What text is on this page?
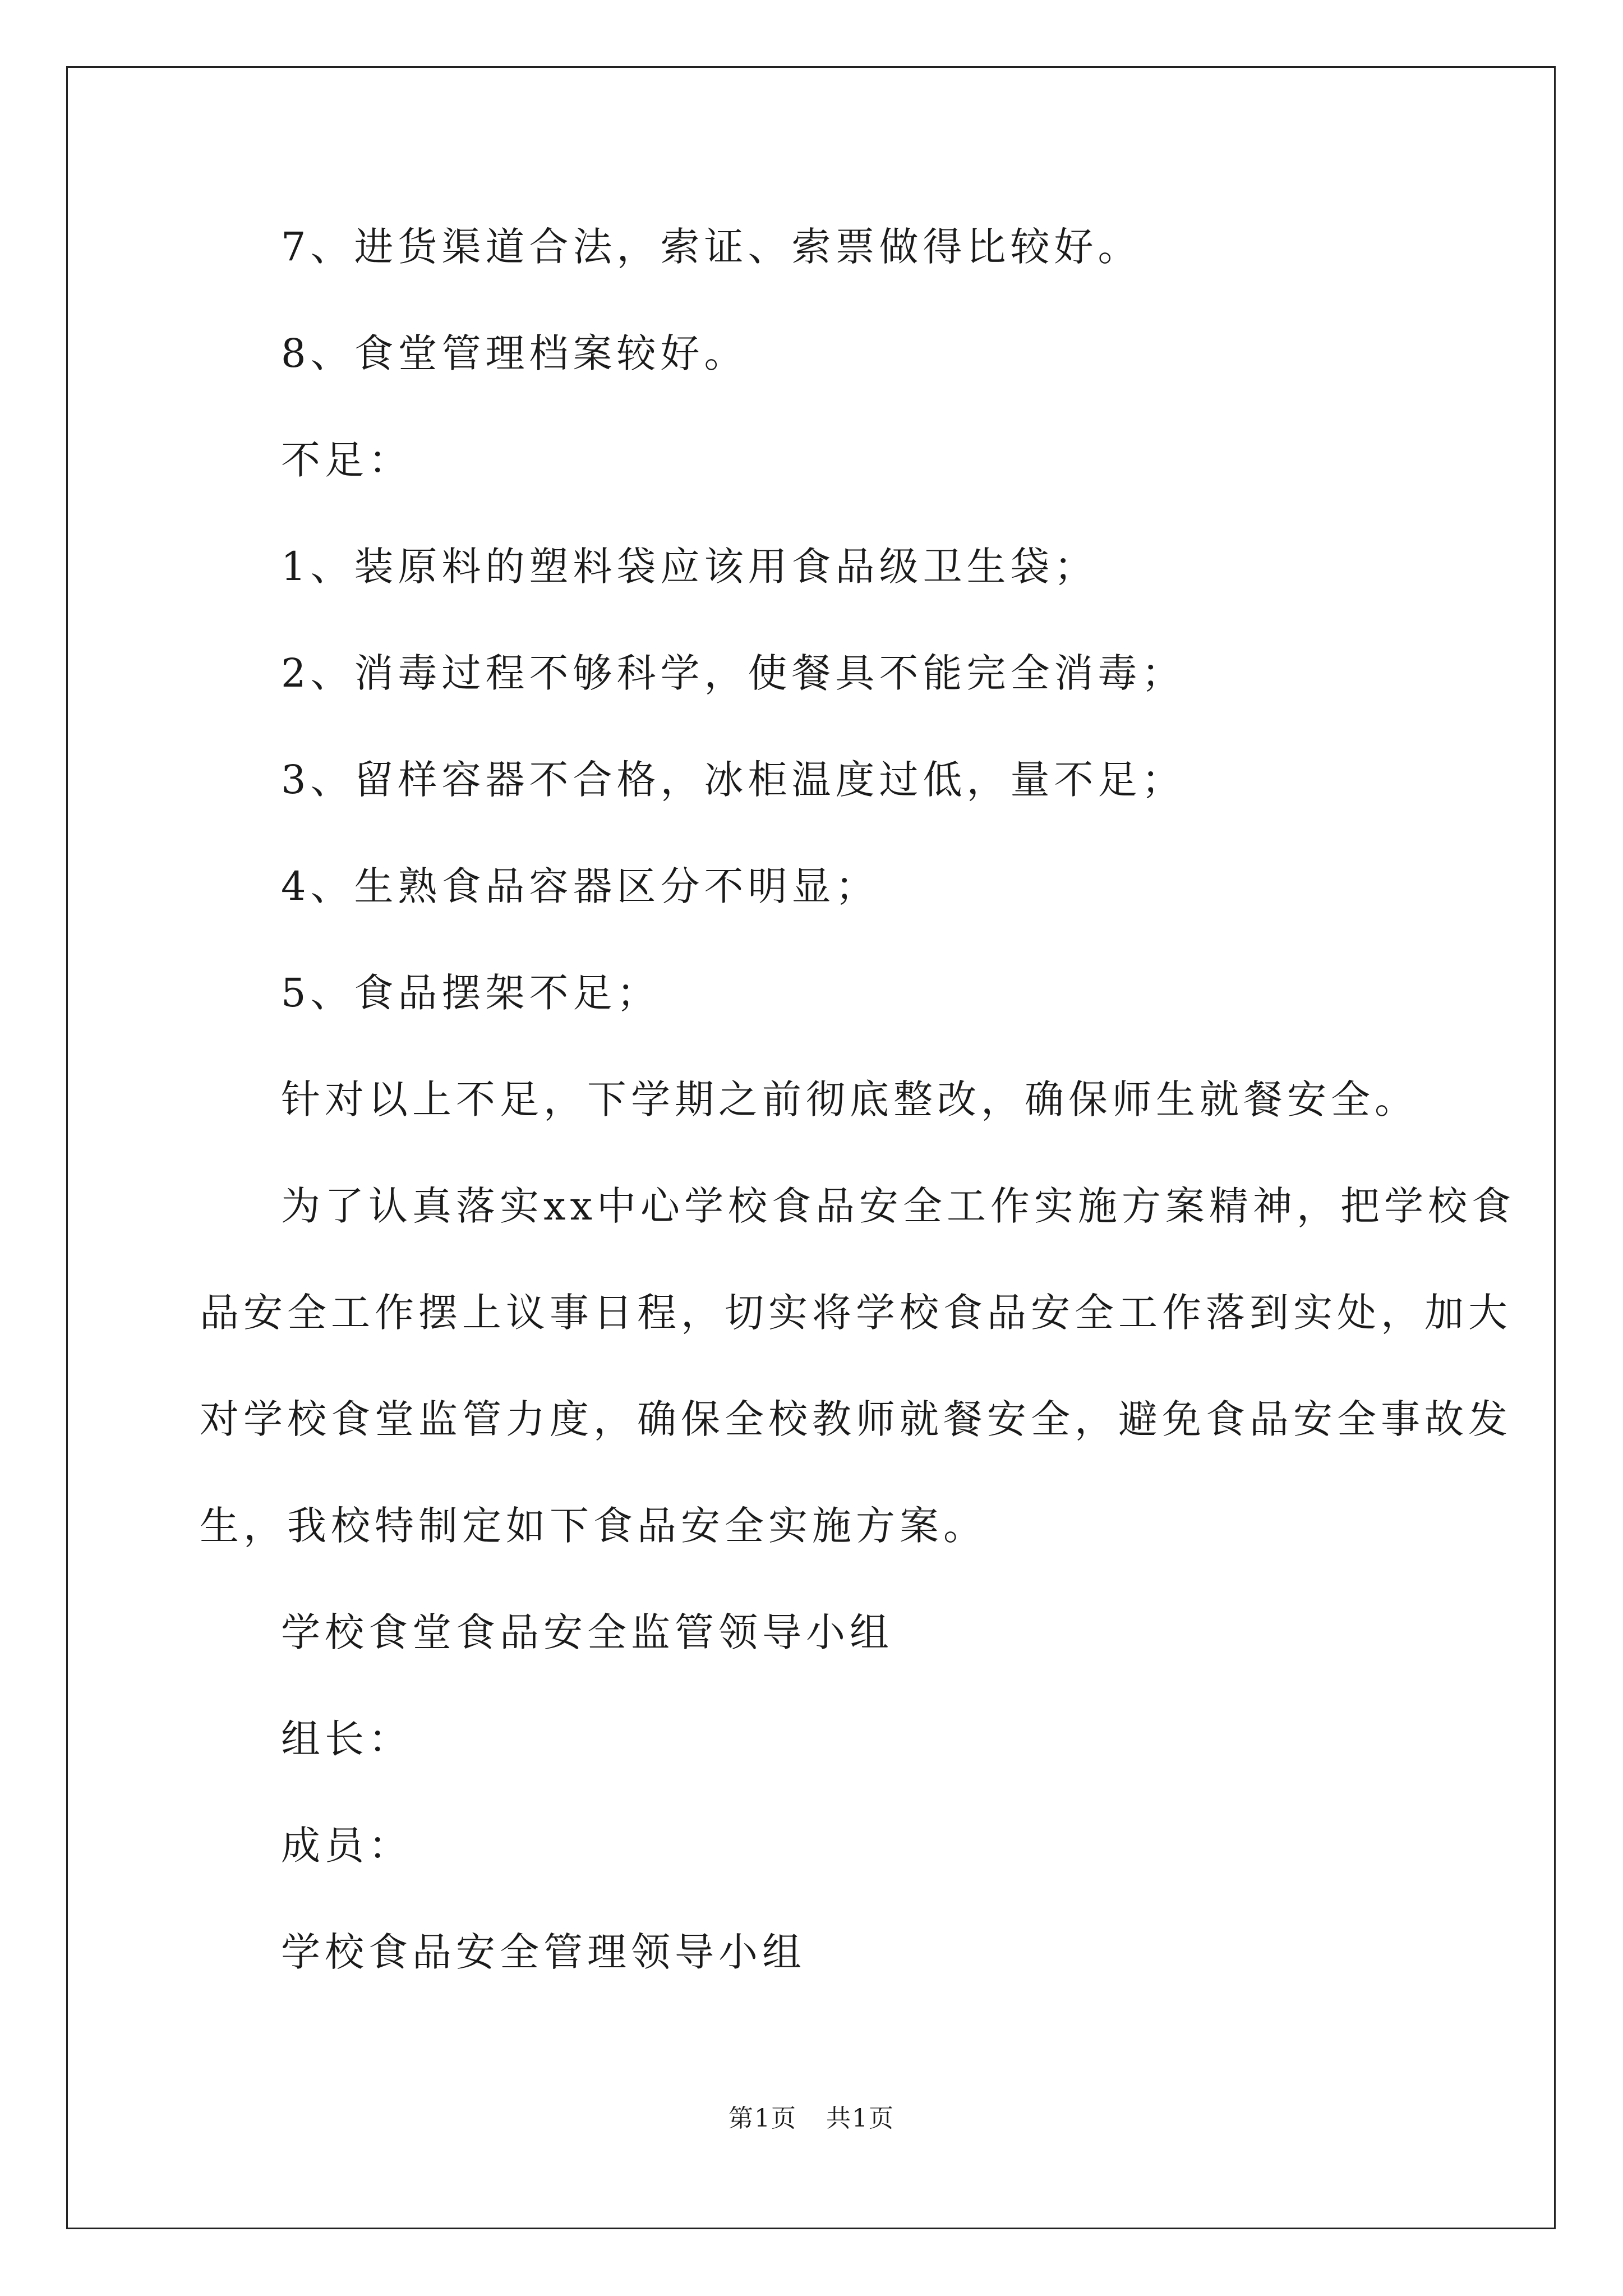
7、进货渠道合法，索证、索票做得比较好。
8、食堂管理档案较好。
不足：
1、装原料的塑料袋应该用食品级卫生袋；
2、消毒过程不够科学，使餐具不能完全消毒；
3、留样容器不合格，冰柜温度过低，量不足；
4、生熟食品容器区分不明显；
5、食品摆架不足；
针对以上不足，下学期之前彻底整改，确保师生就餐安全。
为了认真落实xx中心学校食品安全工作实施方案精神，把学校食
品安全工作摆上议事日程，切实将学校食品安全工作落到实处，加大
对学校食堂监管力度，确保全校教师就餐安全，避免食品安全事故发
生，我校特制定如下食品安全实施方案。
学校食堂食品安全监管领导小组
组长：
成员：
学校食品安全管理领导小组
第1页 共1页
